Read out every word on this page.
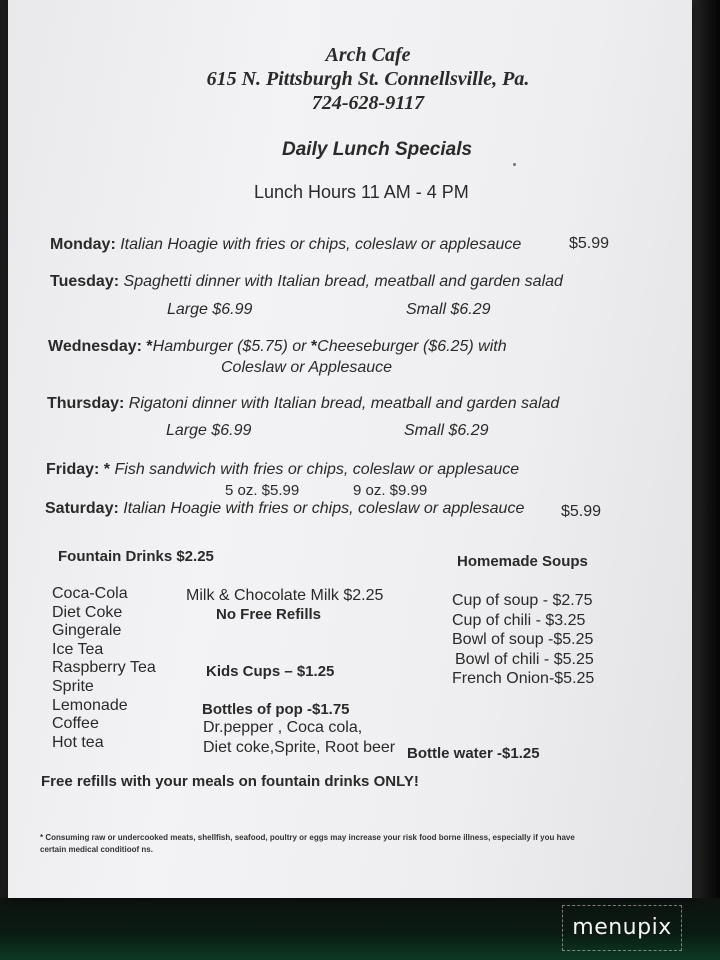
Arch Cafe
615 N. Pittsburgh St. Connellsville, Pa.
724-628-9117
Daily Lunch Specials
Lunch Hours 11 AM - 4 PM
Monday: Italian Hoagie with fries or chips, coleslaw or applesauce	$5.99
Tuesday: Spaghetti dinner with Italian bread, meatball and garden salad
Large $6.99	Small $6.29
Wednesday: *Hamburger ($5.75) or *Cheeseburger ($6.25) with
Coleslaw or Applesauce
Thursday: Rigatoni dinner with Italian bread, meatball and garden salad
Large $6.99	Small $6.29
Friday: * Fish sandwich with fries or chips, coleslaw or applesauce
5 oz. $5.99	9 oz. $9.99
Saturday: Italian Hoagie with fries or chips, coleslaw or applesauce $5.99
Fountain Drinks $2.25	Homemade Soups
Coca-Cola
Diet Coke
Gingerale
Ice Tea
Raspberry Tea
Sprite
Lemonade
Coffee
Hot tea
Milk & Chocolate Milk $2.25
No Free Refills
Kids Cups – $1.25
Bottles of pop -$1.75
Dr.pepper , Coca cola,
Diet coke,Sprite, Root beer Bottle water -$1.25
Cup of soup - $2.75
Cup of chili - $3.25
Bowl of soup -$5.25
Bowl of chili - $5.25
French Onion-$5.25
Free refills with your meals on fountain drinks ONLY!
* Consuming raw or undercooked meats, shellfish, seafood, poultry or eggs may increase your risk food borne illness, especially if you have
certain medical conditioof ns.
menupix
